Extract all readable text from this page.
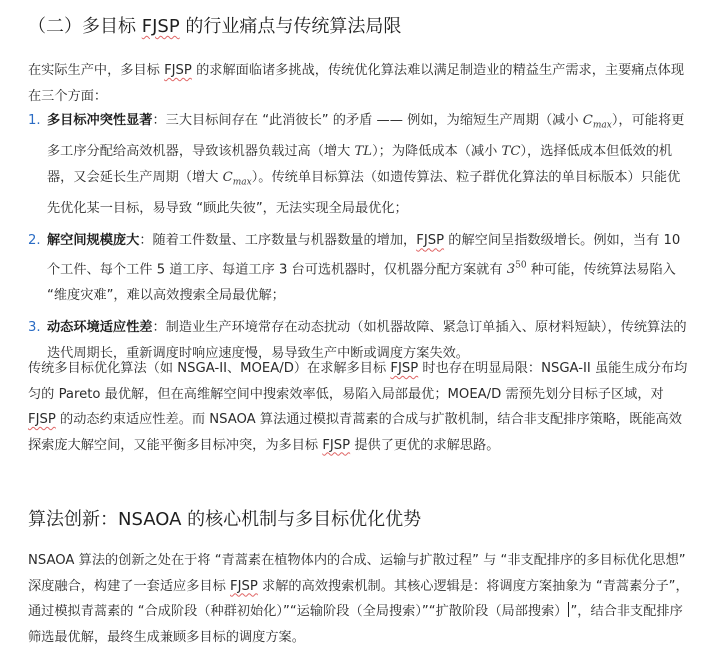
（二）多目标 FJSP 的行业痛点与传统算法局限

在实际生产中，多目标 FJSP 的求解面临诸多挑战，传统优化算法难以满足制造业的精益生产需求，主要痛点体现在三个方面：

1. 多目标冲突性显著：三大目标间存在 “此消彼长” 的矛盾 —— 例如，为缩短生产周期（减小 $C_{max}$），可能将更多工序分配给高效机器，导致该机器负载过高（增大 TL）；为降低成本（减小 TC），选择低成本但低效的机器，又会延长生产周期（增大 $C_{max}$）。传统单目标算法（如遗传算法、粒子群优化算法的单目标版本）只能优先优化某一目标，易导致 “顾此失彼”，无法实现全局最优化；
2. 解空间规模庞大：随着工件数量、工序数量与机器数量的增加，FJSP 的解空间呈指数级增长。例如，当有 10 个工件、每个工件 5 道工序、每道工序 3 台可选机器时，仅机器分配方案就有 $3^{50}$ 种可能，传统算法易陷入 “维度灾难”，难以高效搜索全局最优解；
3. 动态环境适应性差：制造业生产环境常存在动态扰动（如机器故障、紧急订单插入、原材料短缺），传统算法的迭代周期长，重新调度时响应速度慢，易导致生产中断或调度方案失效。

传统多目标优化算法（如 NSGA-II、MOEA/D）在求解多目标 FJSP 时也存在明显局限：NSGA-II 虽能生成分布均匀的 Pareto 最优解，但在高维解空间中搜索效率低，易陷入局部最优；MOEA/D 需预先划分目标子区域，对 FJSP 的动态约束适应性差。而 NSAOA 算法通过模拟青蒿素的合成与扩散机制，结合非支配排序策略，既能高效探索庞大解空间，又能平衡多目标冲突，为多目标 FJSP 提供了更优的求解思路。

算法创新：NSAOA 的核心机制与多目标优化优势

NSAOA 算法的创新之处在于将 “青蒿素在植物体内的合成、运输与扩散过程” 与 “非支配排序的多目标优化思想” 深度融合，构建了一套适应多目标 FJSP 求解的高效搜索机制。其核心逻辑是：将调度方案抽象为 “青蒿素分子”，通过模拟青蒿素的 “合成阶段（种群初始化）”“运输阶段（全局搜索）”“扩散阶段（局部搜索） ”，结合非支配排序筛选最优解，最终生成兼顾多目标的调度方案。
